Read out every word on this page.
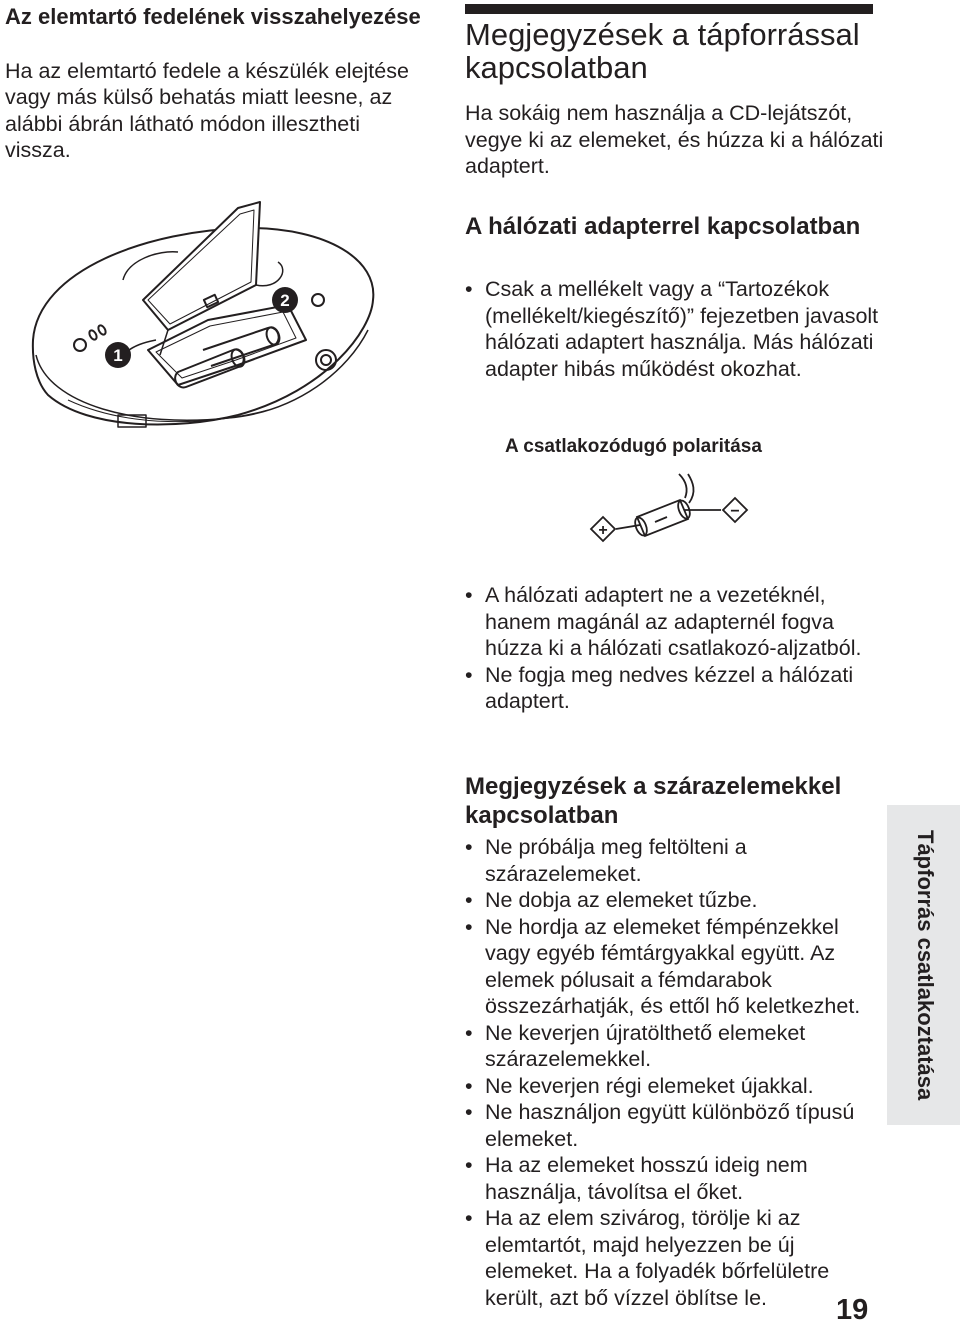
Az elemtartó fedelének visszahelyezése

Ha az elemtartó fedele a készülék elejtése vagy más külső behatás miatt leesne, az alábbi ábrán látható módon illesztheti vissza.

1
2
Megjegyzések a tápforrással kapcsolatban

Ha sokáig nem használja a CD-lejátszót, vegye ki az elemeket, és húzza ki a hálózati adaptert.

A hálózati adapterrel kapcsolatban
• Csak a mellékelt vagy a “Tartozékok (mellékelt/kiegészítő)” fejezetben javasolt hálózati adaptert használja. Más hálózati adapter hibás működést okozhat.

A csatlakozódugó polaritása

+
−
• A hálózati adaptert ne a vezetéknél, hanem magánál az adapternél fogva húzza ki a hálózati csatlakozó-aljzatból.
• Ne fogja meg nedves kézzel a hálózati adaptert.
Megjegyzések a szárazelemekkel kapcsolatban
• Ne próbálja meg feltölteni a szárazelemeket.
• Ne dobja az elemeket tűzbe.
• Ne hordja az elemeket fémpénzekkel vagy egyéb fémtárgyakkal együtt. Az elemek pólusait a fémdarabok összezárhatják, és ettől hő keletkezhet.
• Ne keverjen újratölthető elemeket szárazelemekkel.
• Ne keverjen régi elemeket újakkal.
• Ne használjon együtt különböző típusú elemeket.
• Ha az elemeket hosszú ideig nem használja, távolítsa el őket.
• Ha az elem szivárog, törölje ki az elemtartót, majd helyezzen be új elemeket. Ha a folyadék bőrfelületre került, azt bő vízzel öblítse le.
Tápforrás csatlakoztatása

19
